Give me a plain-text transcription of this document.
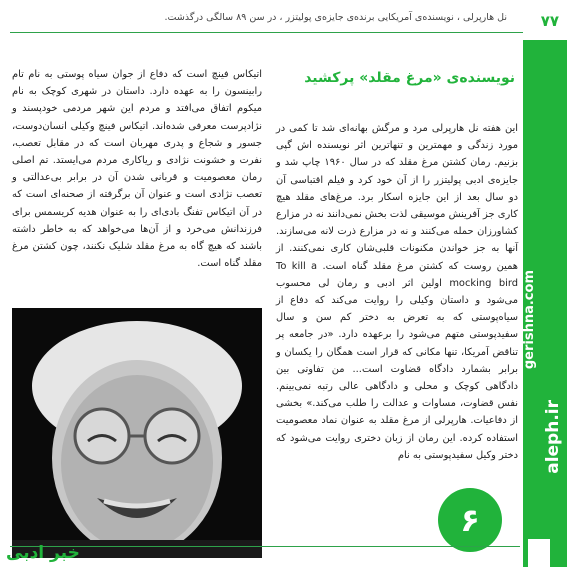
نل هارپرلی ، نویسنده‌ی آمریکایی برنده‌ی جایزه‌ی پولیتزر ، در سن ۸۹ سالگی درگذشت.
gerishna.com
aleph.ir
۷۷
نویسنده‌ی «مرغ مقلد» پرکشید

این هفته نل هارپرلی مرد و مرگش بهانه‌ای شد تا کمی در مورد زندگی و مهمترین و تنها‌ترین اثر نویسنده اش گپی بزنیم. رمان کشتن مرغ مقلد که در سال ۱۹۶۰ چاپ شد و جایزه‌ی ادبی پولیتزر را از آن خود کرد و فیلم اقتباسی آن دو سال بعد از این جایزه اسکار برد. مرغ‌های مقلد هیچ کاری جز آفرینش موسیقی لذت بخش نمی‌دانند نه در مزارع کشاورزان حمله می‌کنند و نه در مزارع ذرت لانه می‌سازند. آنها به جز خواندن مکنونات قلبی‌شان کاری نمی‌کنند. از همین روست که کشتن مرغ مقلد گناه است. To kill a mocking bird اولین اثر ادبی و رمان لی محسوب می‌شود و داستان وکیلی را روایت می‌کند که دفاع از سیاه‌پوستی که به تعرض به دختر کم سن و سال سفیدپوستی متهم می‌شود را برعهده دارد. «در جامعه پر تناقض آمریکا، تنها مکانی که قرار است همگان را یکسان و برابر بشمارد دادگاه قضاوت است... من تفاوتی بین دادگاهی کوچک و محلی و دادگاهی عالی رتبه نمی‌بینم. نفس قضاوت، مساوات و عدالت را طلب می‌کند.» بخشی از دفاعیات. هارپرلی از مرغ مقلد به عنوان نماد معصومیت استفاده کرده. این رمان از زبان دختری روایت می‌شود که دختر وکیل سفیدپوستی به نام

اتیکاس فینچ است که دفاع از جوان سیاه پوستی به نام تام رابینسون را به عهده دارد. داستان در شهری کوچک به نام میکوم اتفاق می‌افتد و مردم این شهر مردمی خودپسند و نژادپرست معرفی شده‌اند. اتیکاس فینچ وکیلی انسان‌دوست، جسور و شجاع و پدری مهربان است که در مقابل تعصب، نفرت و خشونت نژادی و ریاکاری مردم می‌ایستد. تم اصلی رمان معصومیت و قربانی شدن آن در برابر بی‌عدالتی و تعصب نژادی است و عنوان آن برگرفته از صحنه‌ای است که در آن اتیکاس تفنگ بادی‌ای را به عنوان هدیه کریسمس برای فرزندانش می‌خرد و از آن‌ها می‌خواهد که به خاطر داشته باشند که هیچ گاه به مرغ مقلد شلیک نکنند، چون کشتن مرغ مقلد گناه است.

۶
خبر ادبی
